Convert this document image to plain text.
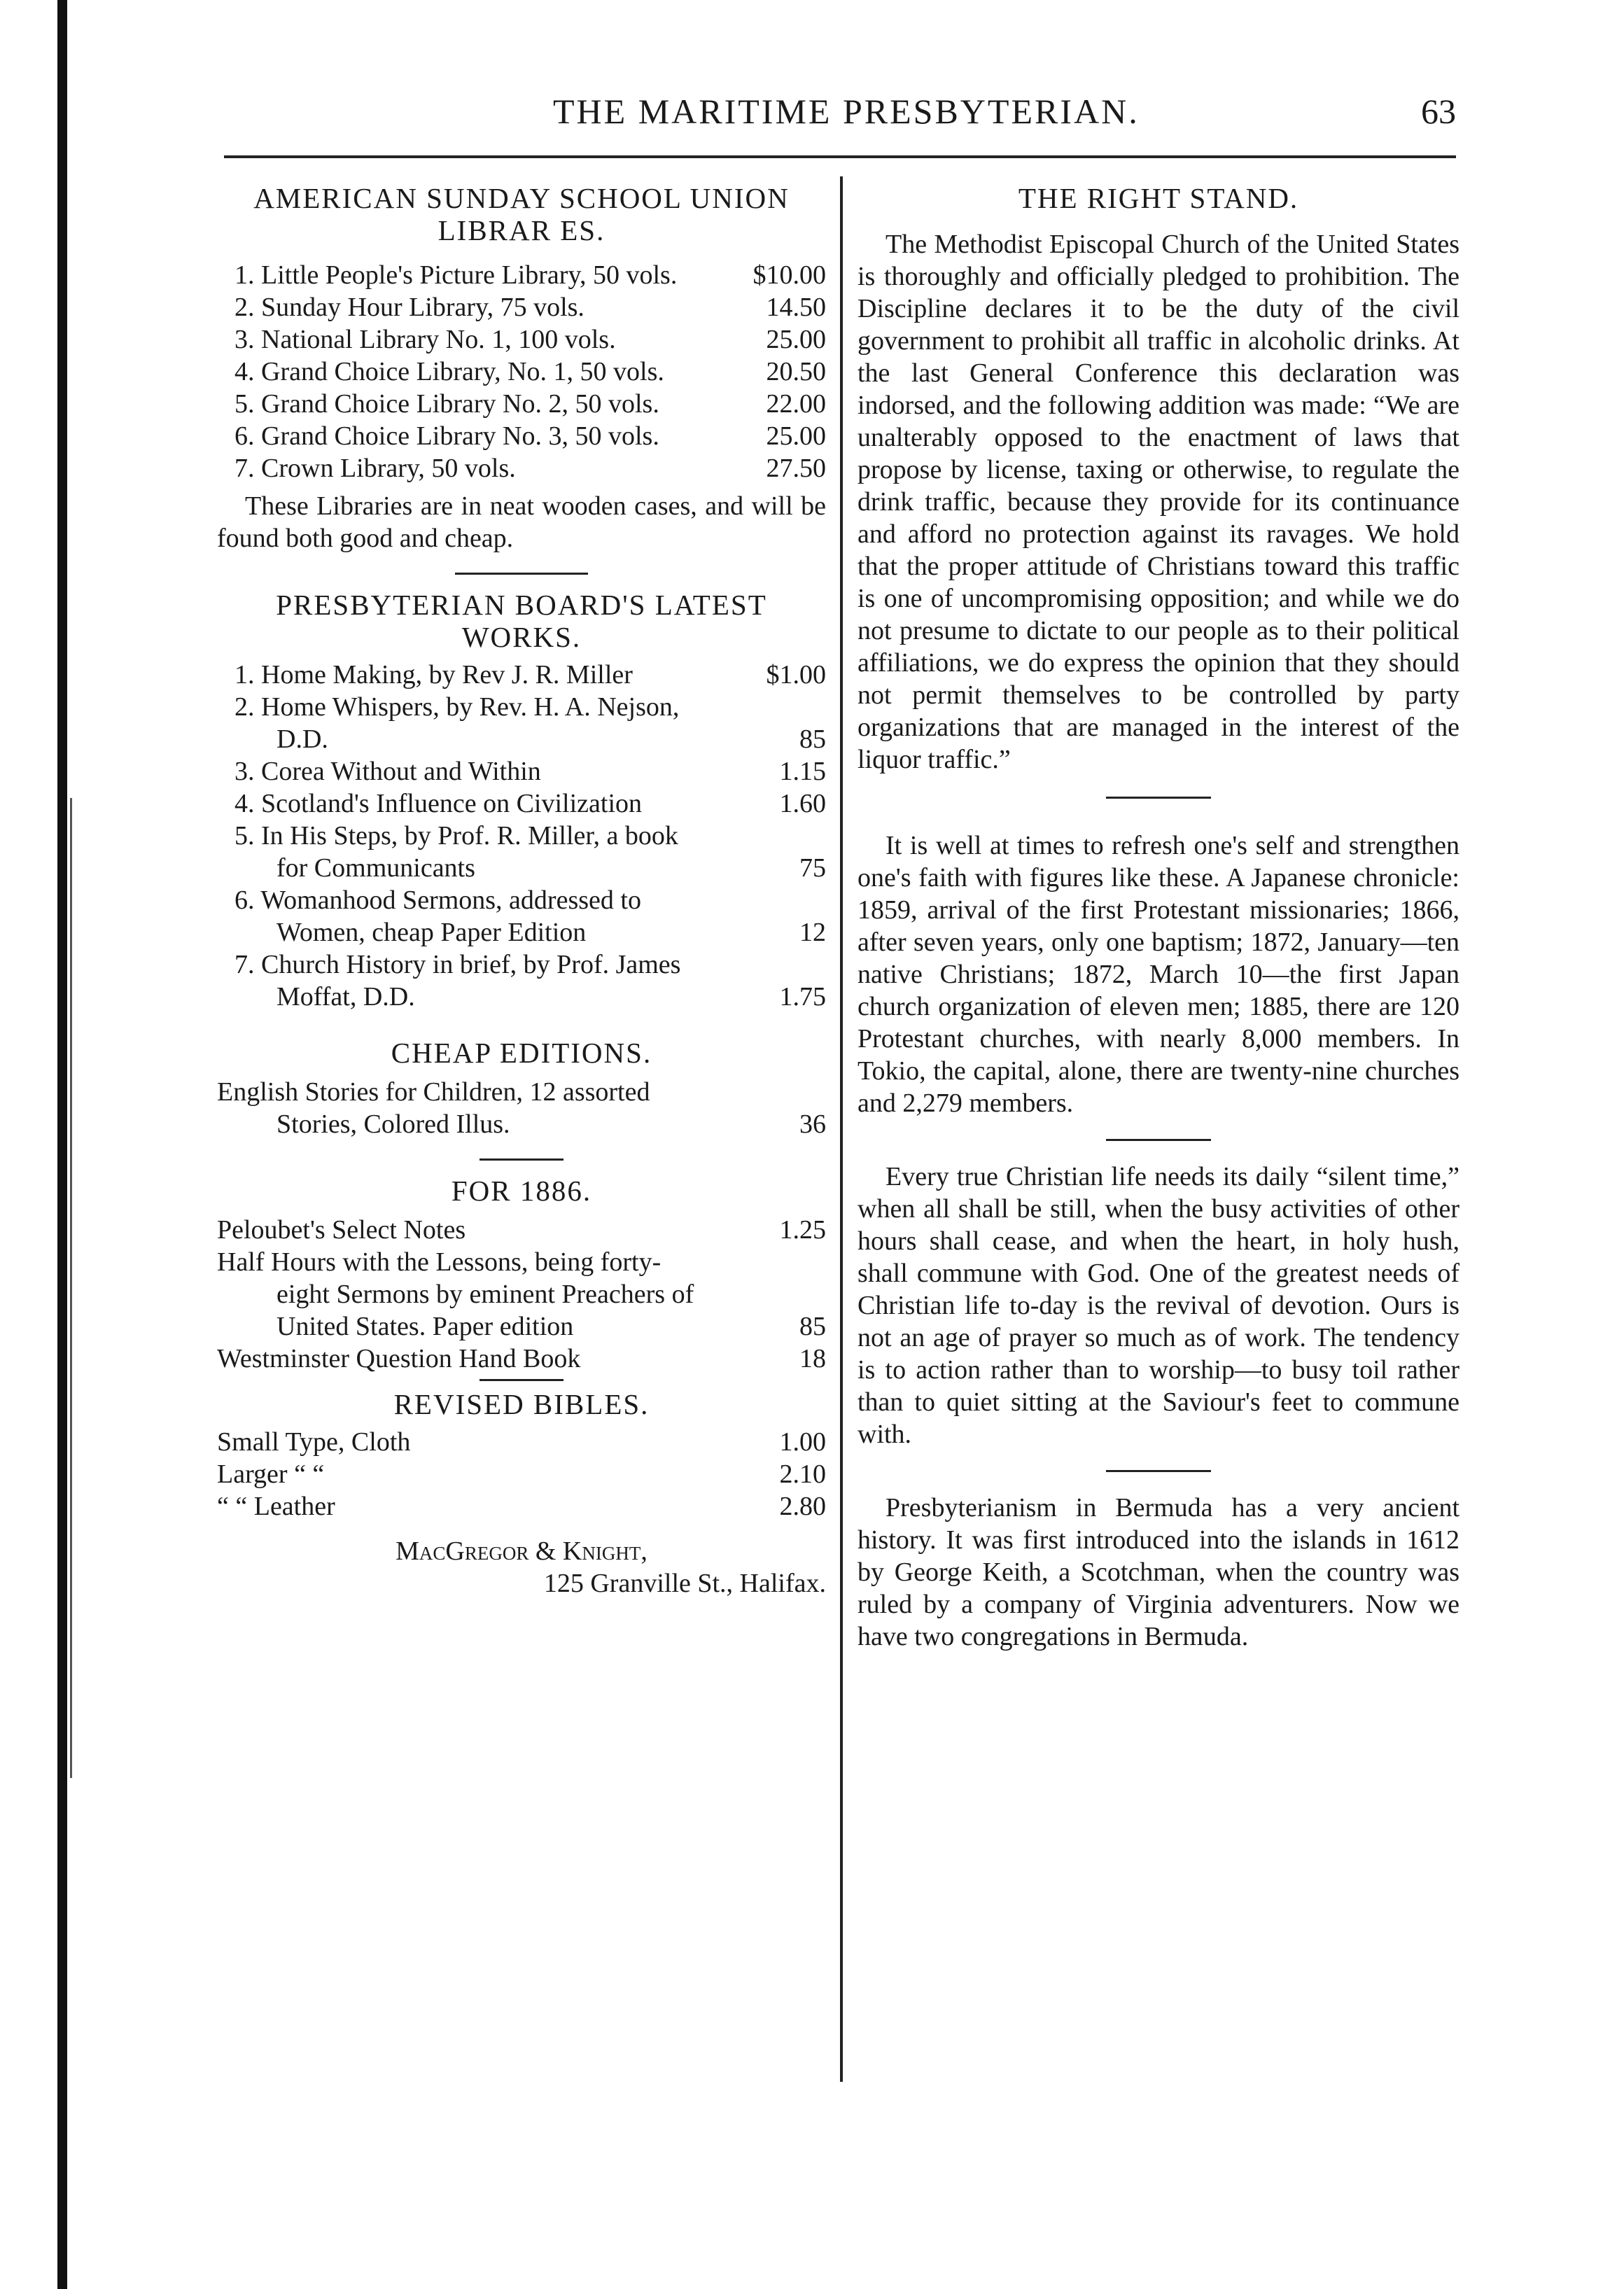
THE MARITIME PRESBYTERIAN.	63
AMERICAN SUNDAY SCHOOL UNION LIBRAR ES.
1. Little People's Picture Library, 50 vols.	$10.00
2. Sunday Hour Library, 75 vols.	14.50
3. National Library No. 1, 100 vols.	25.00
4. Grand Choice Library, No. 1, 50 vols.	20.50
5. Grand Choice Library No. 2, 50 vols.	22.00
6. Grand Choice Library No. 3, 50 vols.	25.00
7. Crown Library, 50 vols.	27.50
These Libraries are in neat wooden cases, and will be found both good and cheap.
PRESBYTERIAN BOARD'S LATEST WORKS.
1. Home Making, by Rev J. R. Miller	$1.00
2. Home Whispers, by Rev. H. A. Nejson, D.D.	85
3. Corea Without and Within	1.15
4. Scotland's Influence on Civilization	1.60
5. In His Steps, by Prof. R. Miller, a book for Communicants	75
6. Womanhood Sermons, addressed to Women, cheap Paper Edition	12
7. Church History in brief, by Prof. James Moffat, D.D.	1.75
CHEAP EDITIONS.
English Stories for Children, 12 assorted Stories, Colored Illus.	36
FOR 1886.
Peloubet's Select Notes	1.25
Half Hours with the Lessons, being forty-eight Sermons by eminent Preachers of United States. Paper edition	85
Westminster Question Hand Book	18
REVISED BIBLES.
Small Type, Cloth	1.00
Larger “ “	2.10
“ “ Leather	2.80
MacGregor & Knight,
125 Granville St., Halifax.
THE RIGHT STAND.
The Methodist Episcopal Church of the United States is thoroughly and officially pledged to prohibition. The Discipline declares it to be the duty of the civil government to prohibit all traffic in alcoholic drinks. At the last General Conference this declaration was indorsed, and the following addition was made: “We are unalterably opposed to the enactment of laws that propose by license, taxing or otherwise, to regulate the drink traffic, because they provide for its continuance and afford no protection against its ravages. We hold that the proper attitude of Christians toward this traffic is one of uncompromising opposition; and while we do not presume to dictate to our people as to their political affiliations, we do express the opinion that they should not permit themselves to be controlled by party organizations that are managed in the interest of the liquor traffic.”
It is well at times to refresh one's self and strengthen one's faith with figures like these. A Japanese chronicle: 1859, arrival of the first Protestant missionaries; 1866, after seven years, only one baptism; 1872, January—ten native Christians; 1872, March 10—the first Japan church organization of eleven men; 1885, there are 120 Protestant churches, with nearly 8,000 members. In Tokio, the capital, alone, there are twenty-nine churches and 2,279 members.
Every true Christian life needs its daily “silent time,” when all shall be still, when the busy activities of other hours shall cease, and when the heart, in holy hush, shall commune with God. One of the greatest needs of Christian life to-day is the revival of devotion. Ours is not an age of prayer so much as of work. The tendency is to action rather than to worship—to busy toil rather than to quiet sitting at the Saviour's feet to commune with.
Presbyterianism in Bermuda has a very ancient history. It was first introduced into the islands in 1612 by George Keith, a Scotchman, when the country was ruled by a company of Virginia adventurers. Now we have two congregations in Bermuda.
